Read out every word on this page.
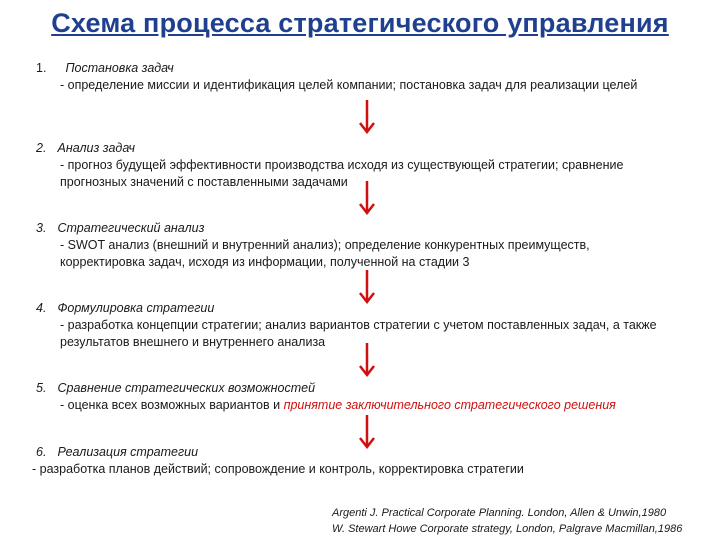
Схема процесса стратегического управления
1. Постановка задач
- определение миссии и идентификация целей компании; постановка задач для реализации целей
2. Анализ задач
- прогноз будущей эффективности производства исходя из существующей стратегии; сравнение прогнозных значений с поставленными задачами
3. Стратегический анализ
- SWOT анализ (внешний и внутренний анализ); определение конкурентных преимуществ, корректировка задач, исходя из информации, полученной на стадии 3
4. Формулировка стратегии
- разработка концепции стратегии; анализ вариантов стратегии с учетом поставленных задач, а также результатов внешнего и внутреннего анализа
5. Сравнение стратегических возможностей
- оценка всех возможных вариантов и принятие заключительного стратегического решения
6. Реализация стратегии
- разработка планов действий; сопровождение и контроль, корректировка стратегии
Argenti J. Practical Corporate Planning. London, Allen & Unwin,1980
W. Stewart Howe Corporate strategy, London, Palgrave Macmillan,1986
